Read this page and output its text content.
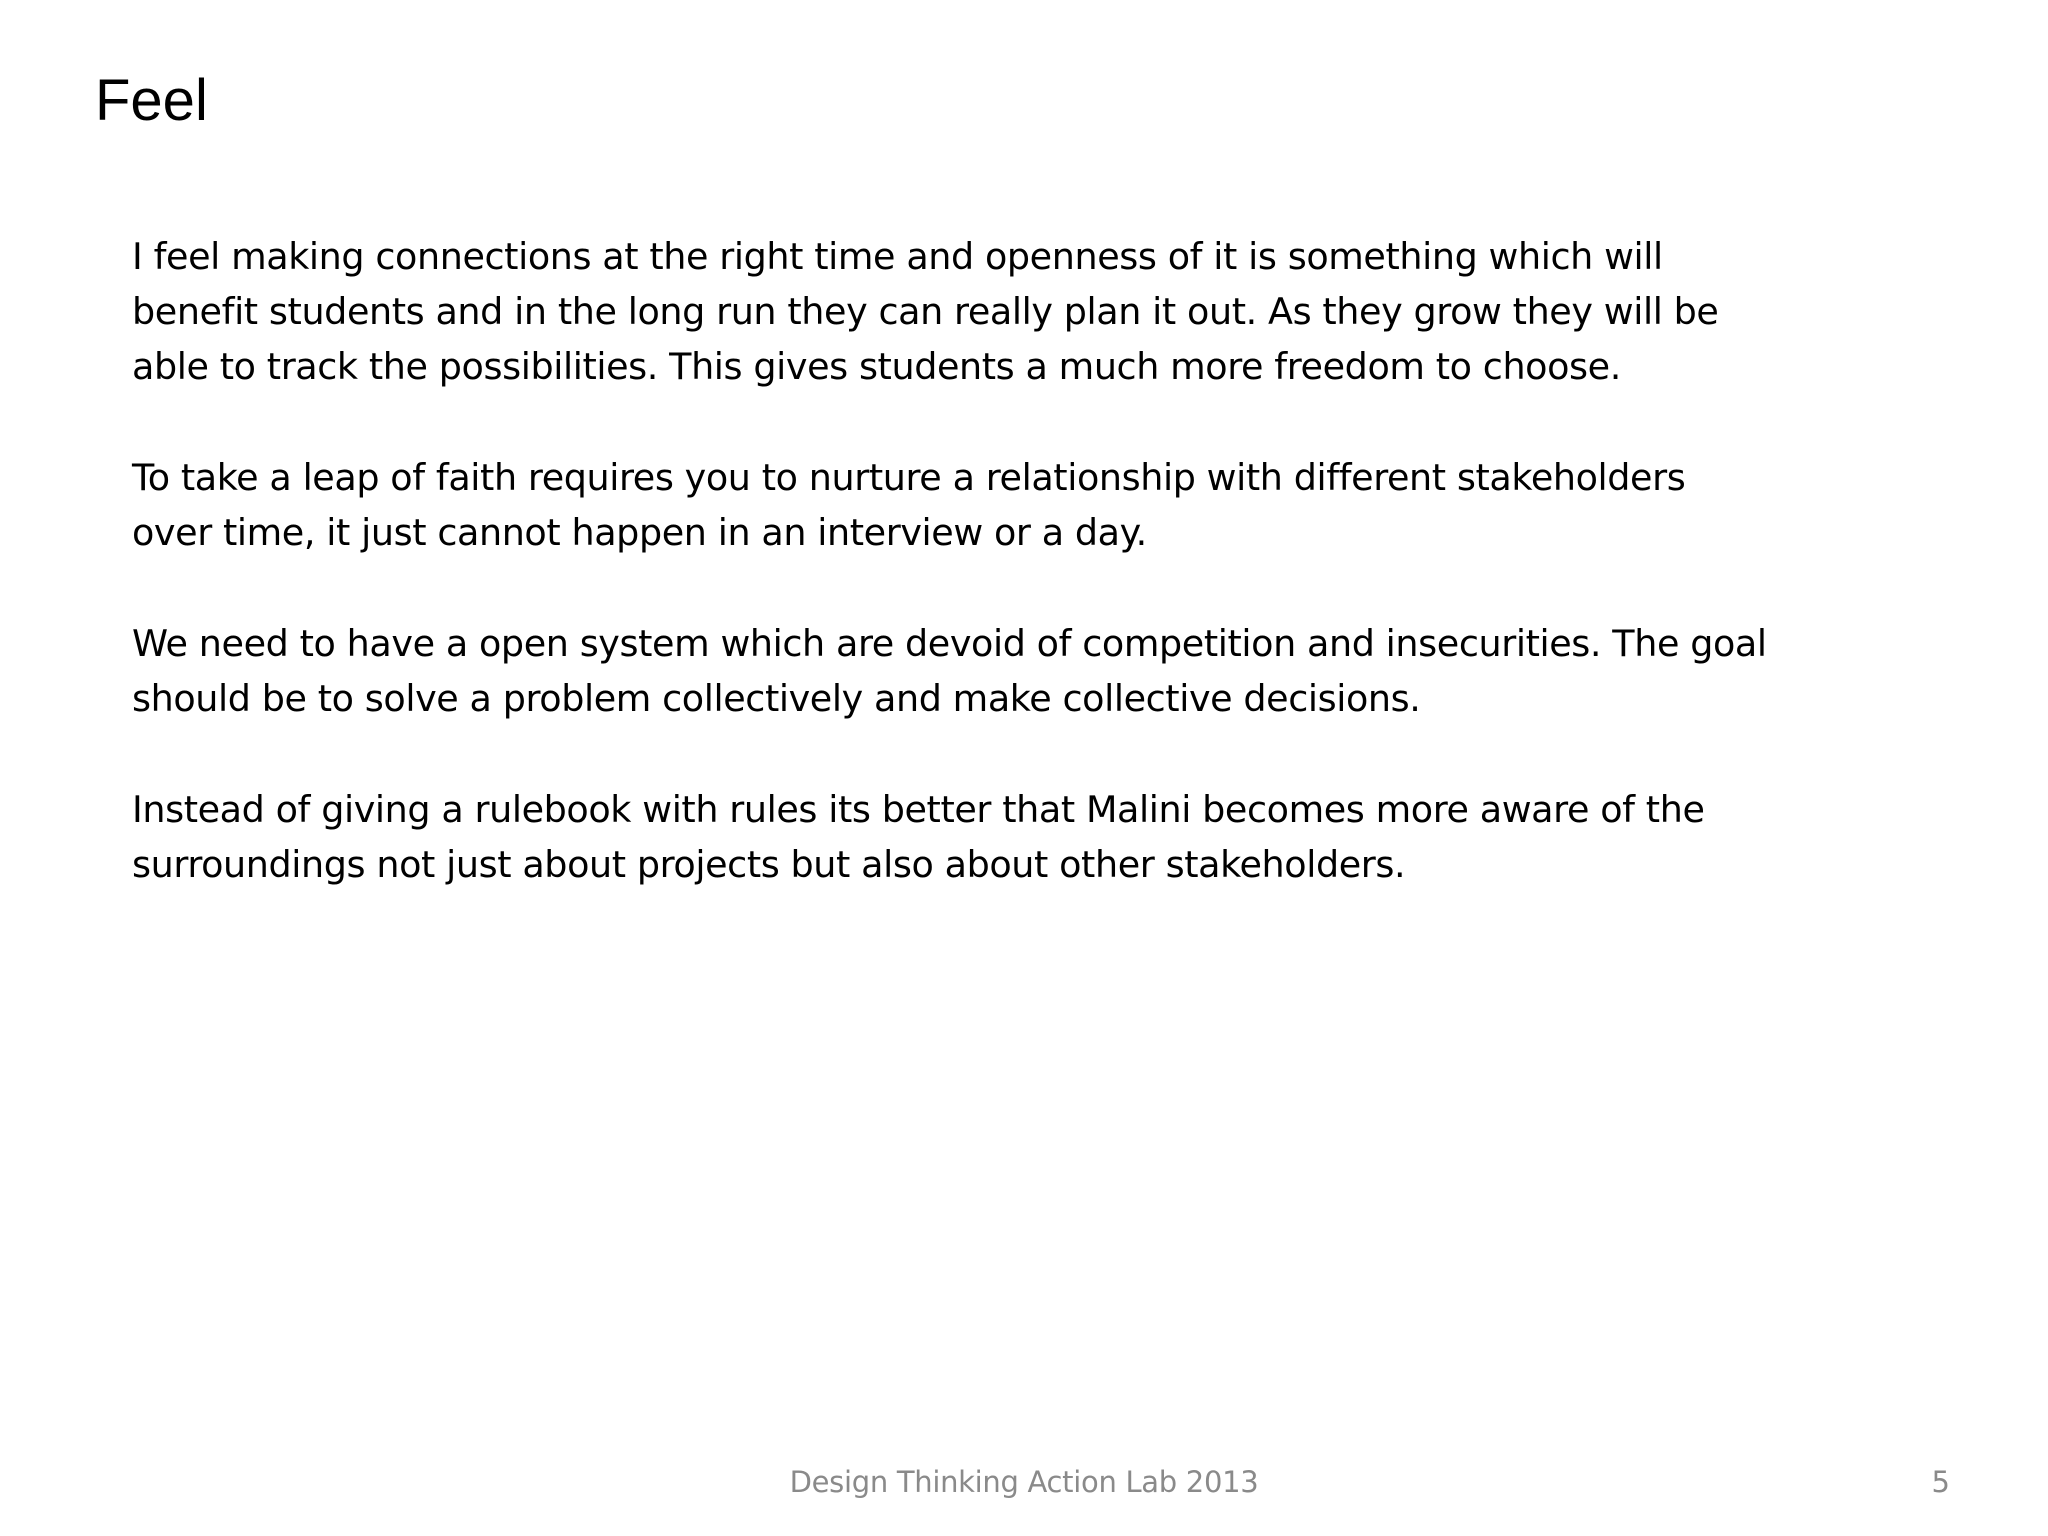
Feel

I feel making connections at the right time and openness of it is something which will
benefit students and in the long run they can really plan it out. As they grow they will be
able to track the possibilities. This gives students a much more freedom to choose.

To take a leap of faith requires you to nurture a relationship with different stakeholders
over time, it just cannot happen in an interview or a day.

We need to have a open system which are devoid of competition and insecurities. The goal
should be to solve a problem collectively and make collective decisions.

Instead of giving a rulebook with rules its better that Malini becomes more aware of the
surroundings not just about projects but also about other stakeholders.

Design Thinking Action Lab 2013	5
